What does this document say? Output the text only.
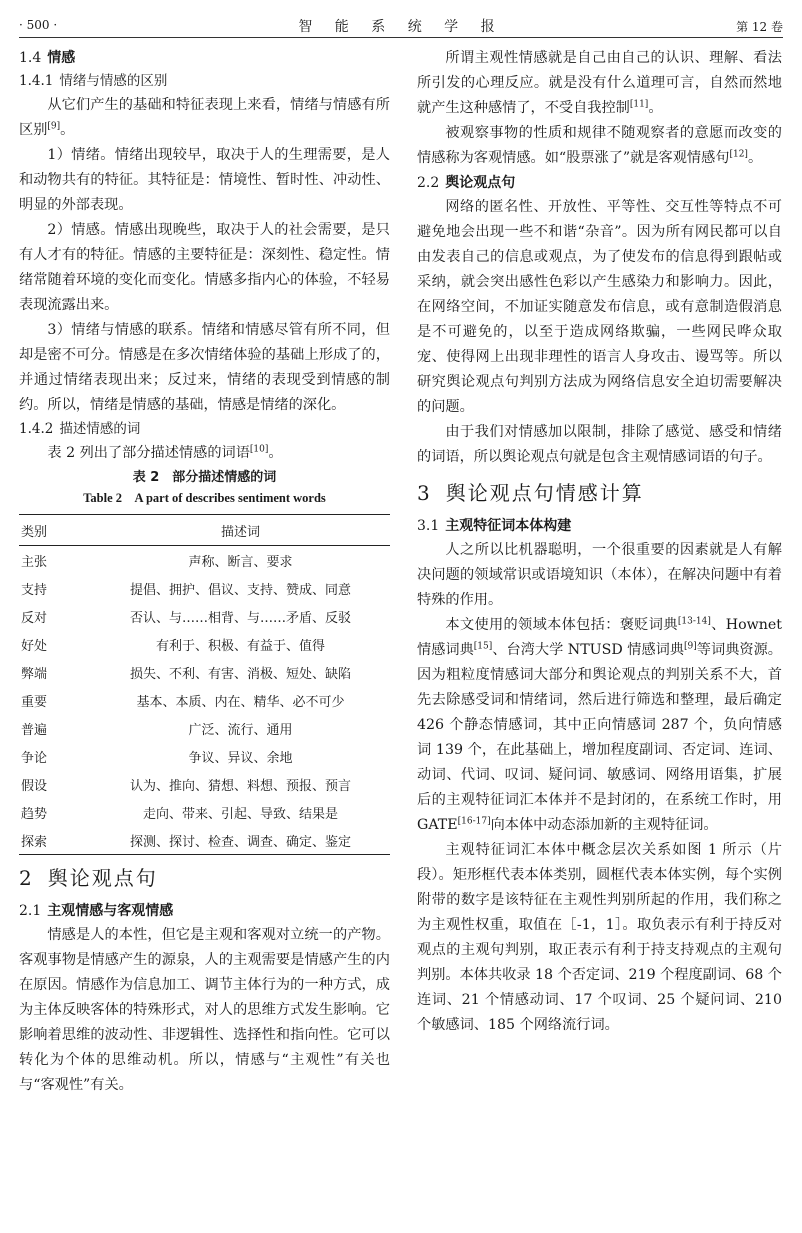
· 500 ·	智 能 系 统 学 报	第 12 卷
1.4 情感
1.4.1 情绪与情感的区别

从它们产生的基础和特征表现上来看，情绪与情感有所区别[9]。

1）情绪。情绪出现较早，取决于人的生理需要，是人和动物共有的特征。其特征是：情境性、暂时性、冲动性、明显的外部表现。

2）情感。情感出现晚些，取决于人的社会需要，是只有人才有的特征。情感的主要特征是：深刻性、稳定性。情绪常随着环境的变化而变化。情感多指内心的体验，不轻易表现流露出来。

3）情绪与情感的联系。情绪和情感尽管有所不同，但却是密不可分。情感是在多次情绪体验的基础上形成了的，并通过情绪表现出来；反过来，情绪的表现受到情感的制约。所以，情绪是情感的基础，情感是情绪的深化。

1.4.2 描述情感的词

表 2 列出了部分描述情感的词语[10]。

表 2　部分描述情感的词
Table 2　A part of describes sentiment words
类别	描述词
主张	声称、断言、要求
支持	提倡、拥护、倡议、支持、赞成、同意
反对	否认、与……相背、与……矛盾、反驳
好处	有利于、积极、有益于、值得
弊端	损失、不利、有害、消极、短处、缺陷
重要	基本、本质、内在、精华、必不可少
普遍	广泛、流行、通用
争论	争议、异议、余地
假设	认为、推向、猜想、料想、预报、预言
趋势	走向、带来、引起、导致、结果是
探索	探测、探讨、检查、调查、确定、鉴定
2 舆论观点句
2.1 主观情感与客观情感

情感是人的本性，但它是主观和客观对立统一的产物。客观事物是情感产生的源泉，人的主观需要是情感产生的内在原因。情感作为信息加工、调节主体行为的一种方式，成为主体反映客体的特殊形式，对人的思维方式发生影响。它影响着思维的波动性、非逻辑性、选择性和指向性。它可以转化为个体的思维动机。所以，情感与“主观性”有关也与“客观性”有关。

所谓主观性情感就是自己由自己的认识、理解、看法所引发的心理反应。就是没有什么道理可言，自然而然地就产生这种感情了，不受自我控制[11]。

被观察事物的性质和规律不随观察者的意愿而改变的情感称为客观情感。如“股票涨了”就是客观情感句[12]。

2.2 舆论观点句

网络的匿名性、开放性、平等性、交互性等特点不可避免地会出现一些不和谐“杂音”。因为所有网民都可以自由发表自己的信息或观点，为了使发布的信息得到跟帖或采纳，就会突出感性色彩以产生感染力和影响力。因此，在网络空间，不加证实随意发布信息，或有意制造假消息是不可避免的，以至于造成网络欺骗，一些网民哗众取宠、使得网上出现非理性的语言人身攻击、谩骂等。所以研究舆论观点句判别方法成为网络信息安全迫切需要解决的问题。

由于我们对情感加以限制，排除了感觉、感受和情绪的词语，所以舆论观点句就是包含主观情感词语的句子。

3 舆论观点句情感计算
3.1 主观特征词本体构建

人之所以比机器聪明，一个很重要的因素就是人有解决问题的领域常识或语境知识（本体），在解决问题中有着特殊的作用。

本文使用的领域本体包括：褒贬词典[13-14]、Hownet 情感词典[15]、台湾大学 NTUSD 情感词典[9]等词典资源。因为粗粒度情感词大部分和舆论观点的判别关系不大，首先去除感受词和情绪词，然后进行筛选和整理，最后确定 426 个静态情感词，其中正向情感词 287 个，负向情感词 139 个，在此基础上，增加程度副词、否定词、连词、动词、代词、叹词、疑问词、敏感词、网络用语集，扩展后的主观特征词汇本体并不是封闭的，在系统工作时，用 GATE[16-17]向本体中动态添加新的主观特征词。

主观特征词汇本体中概念层次关系如图 1 所示（片段）。矩形框代表本体类别，圆框代表本体实例，每个实例附带的数字是该特征在主观性判别所起的作用，我们称之为主观性权重，取值在［-1，1］。取负表示有利于持反对观点的主观句判别，取正表示有利于持支持观点的主观句判别。本体共收录 18 个否定词、219 个程度副词、68 个连词、21 个情感动词、17 个叹词、25 个疑问词、210 个敏感词、185 个网络流行词。
